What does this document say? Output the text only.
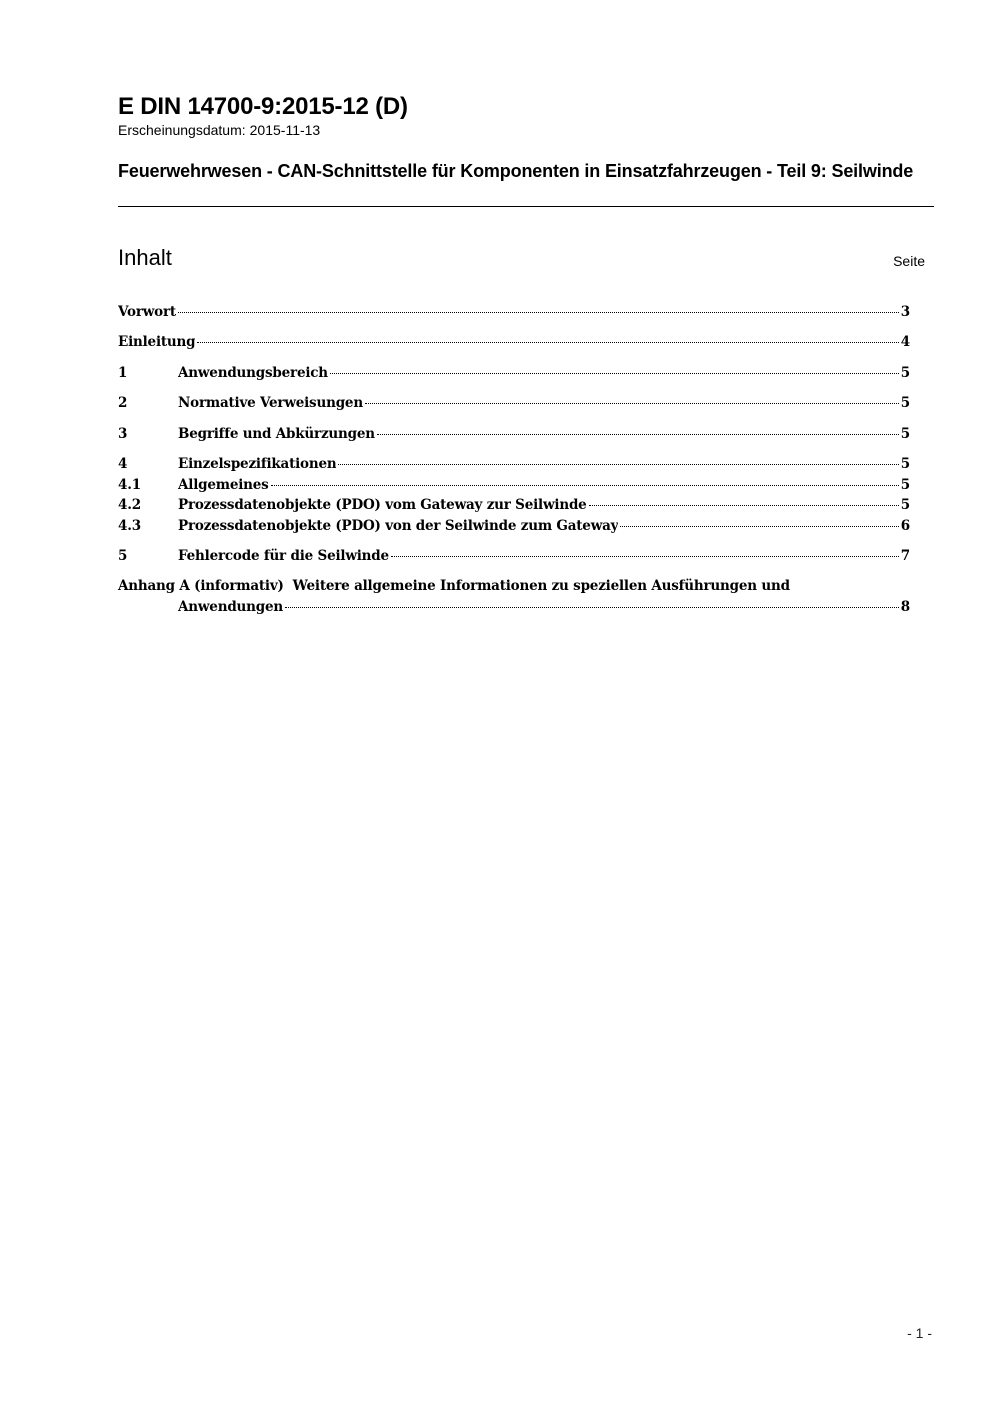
E DIN 14700-9:2015-12 (D)
Erscheinungsdatum: 2015-11-13
Feuerwehrwesen - CAN-Schnittstelle für Komponenten in Einsatzfahrzeugen - Teil 9: Seilwinde
Inhalt	Seite
Vorwort	3
Einleitung	4
1	Anwendungsbereich	5
2	Normative Verweisungen	5
3	Begriffe und Abkürzungen	5
4	Einzelspezifikationen	5
4.1	Allgemeines	5
4.2	Prozessdatenobjekte (PDO) vom Gateway zur Seilwinde	5
4.3	Prozessdatenobjekte (PDO) von der Seilwinde zum Gateway	6
5	Fehlercode für die Seilwinde	7
Anhang A (informativ) Weitere allgemeine Informationen zu speziellen Ausführungen und
Anwendungen	8
- 1 -
